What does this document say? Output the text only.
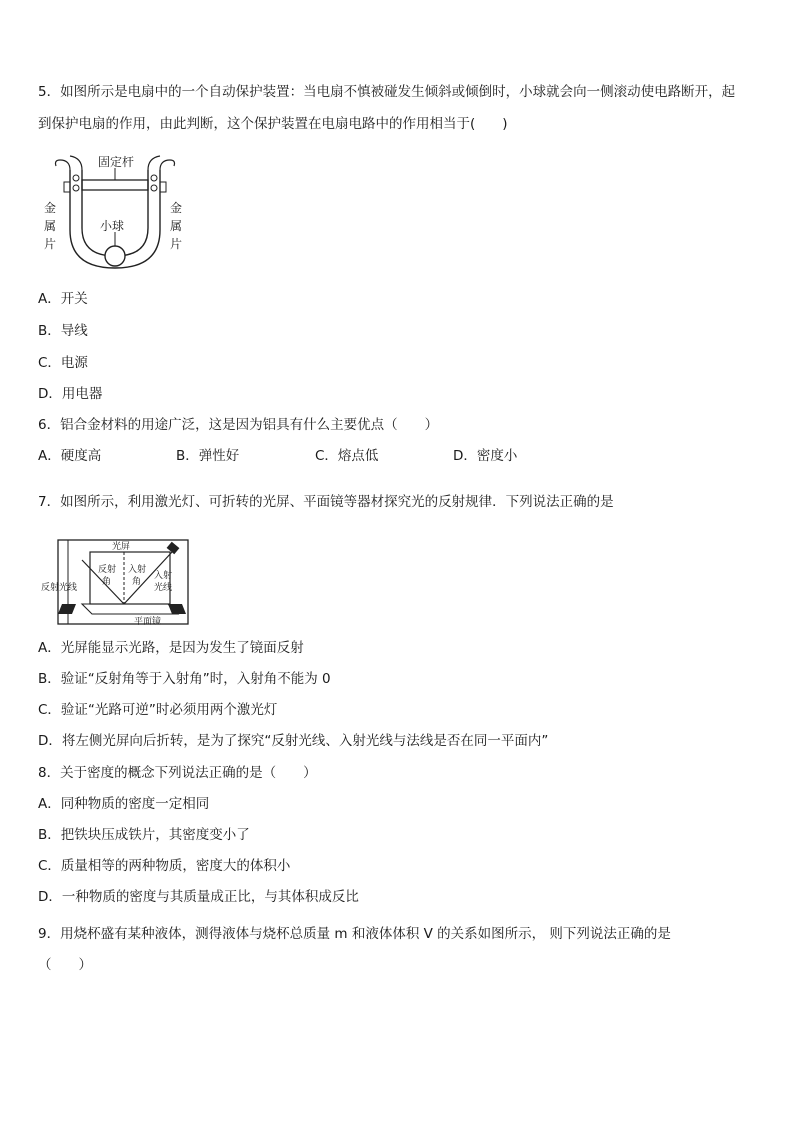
5．如图所示是电扇中的一个自动保护装置：当电扇不慎被碰发生倾斜或倾倒时，小球就会向一侧滚动使电路断开，起
到保护电扇的作用，由此判断，这个保护装置在电扇电路中的作用相当于(　　)
固定杆
小球
金
属
片
金
属
片
A．开关
B．导线
C．电源
D．用电器
6．铝合金材料的用途广泛，这是因为铝具有什么主要优点（　　）
A．硬度高	B．弹性好	C．熔点低	D．密度小
7．如图所示，利用激光灯、可折转的光屏、平面镜等器材探究光的反射规律．下列说法正确的是
光屏
反射
角
入射
角
反射光线
入射
光线
平面镜
A．光屏能显示光路，是因为发生了镜面反射
B．验证“反射角等于入射角”时，入射角不能为 0
C．验证“光路可逆”时必须用两个激光灯
D．将左侧光屏向后折转，是为了探究“反射光线、入射光线与法线是否在同一平面内”
8．关于密度的概念下列说法正确的是（　　）
A．同种物质的密度一定相同
B．把铁块压成铁片，其密度变小了
C．质量相等的两种物质，密度大的体积小
D．一种物质的密度与其质量成正比，与其体积成反比
9．用烧杯盛有某种液体，测得液体与烧杯总质量 m 和液体体积 V 的关系如图所示， 则下列说法正确的是
（　　）
